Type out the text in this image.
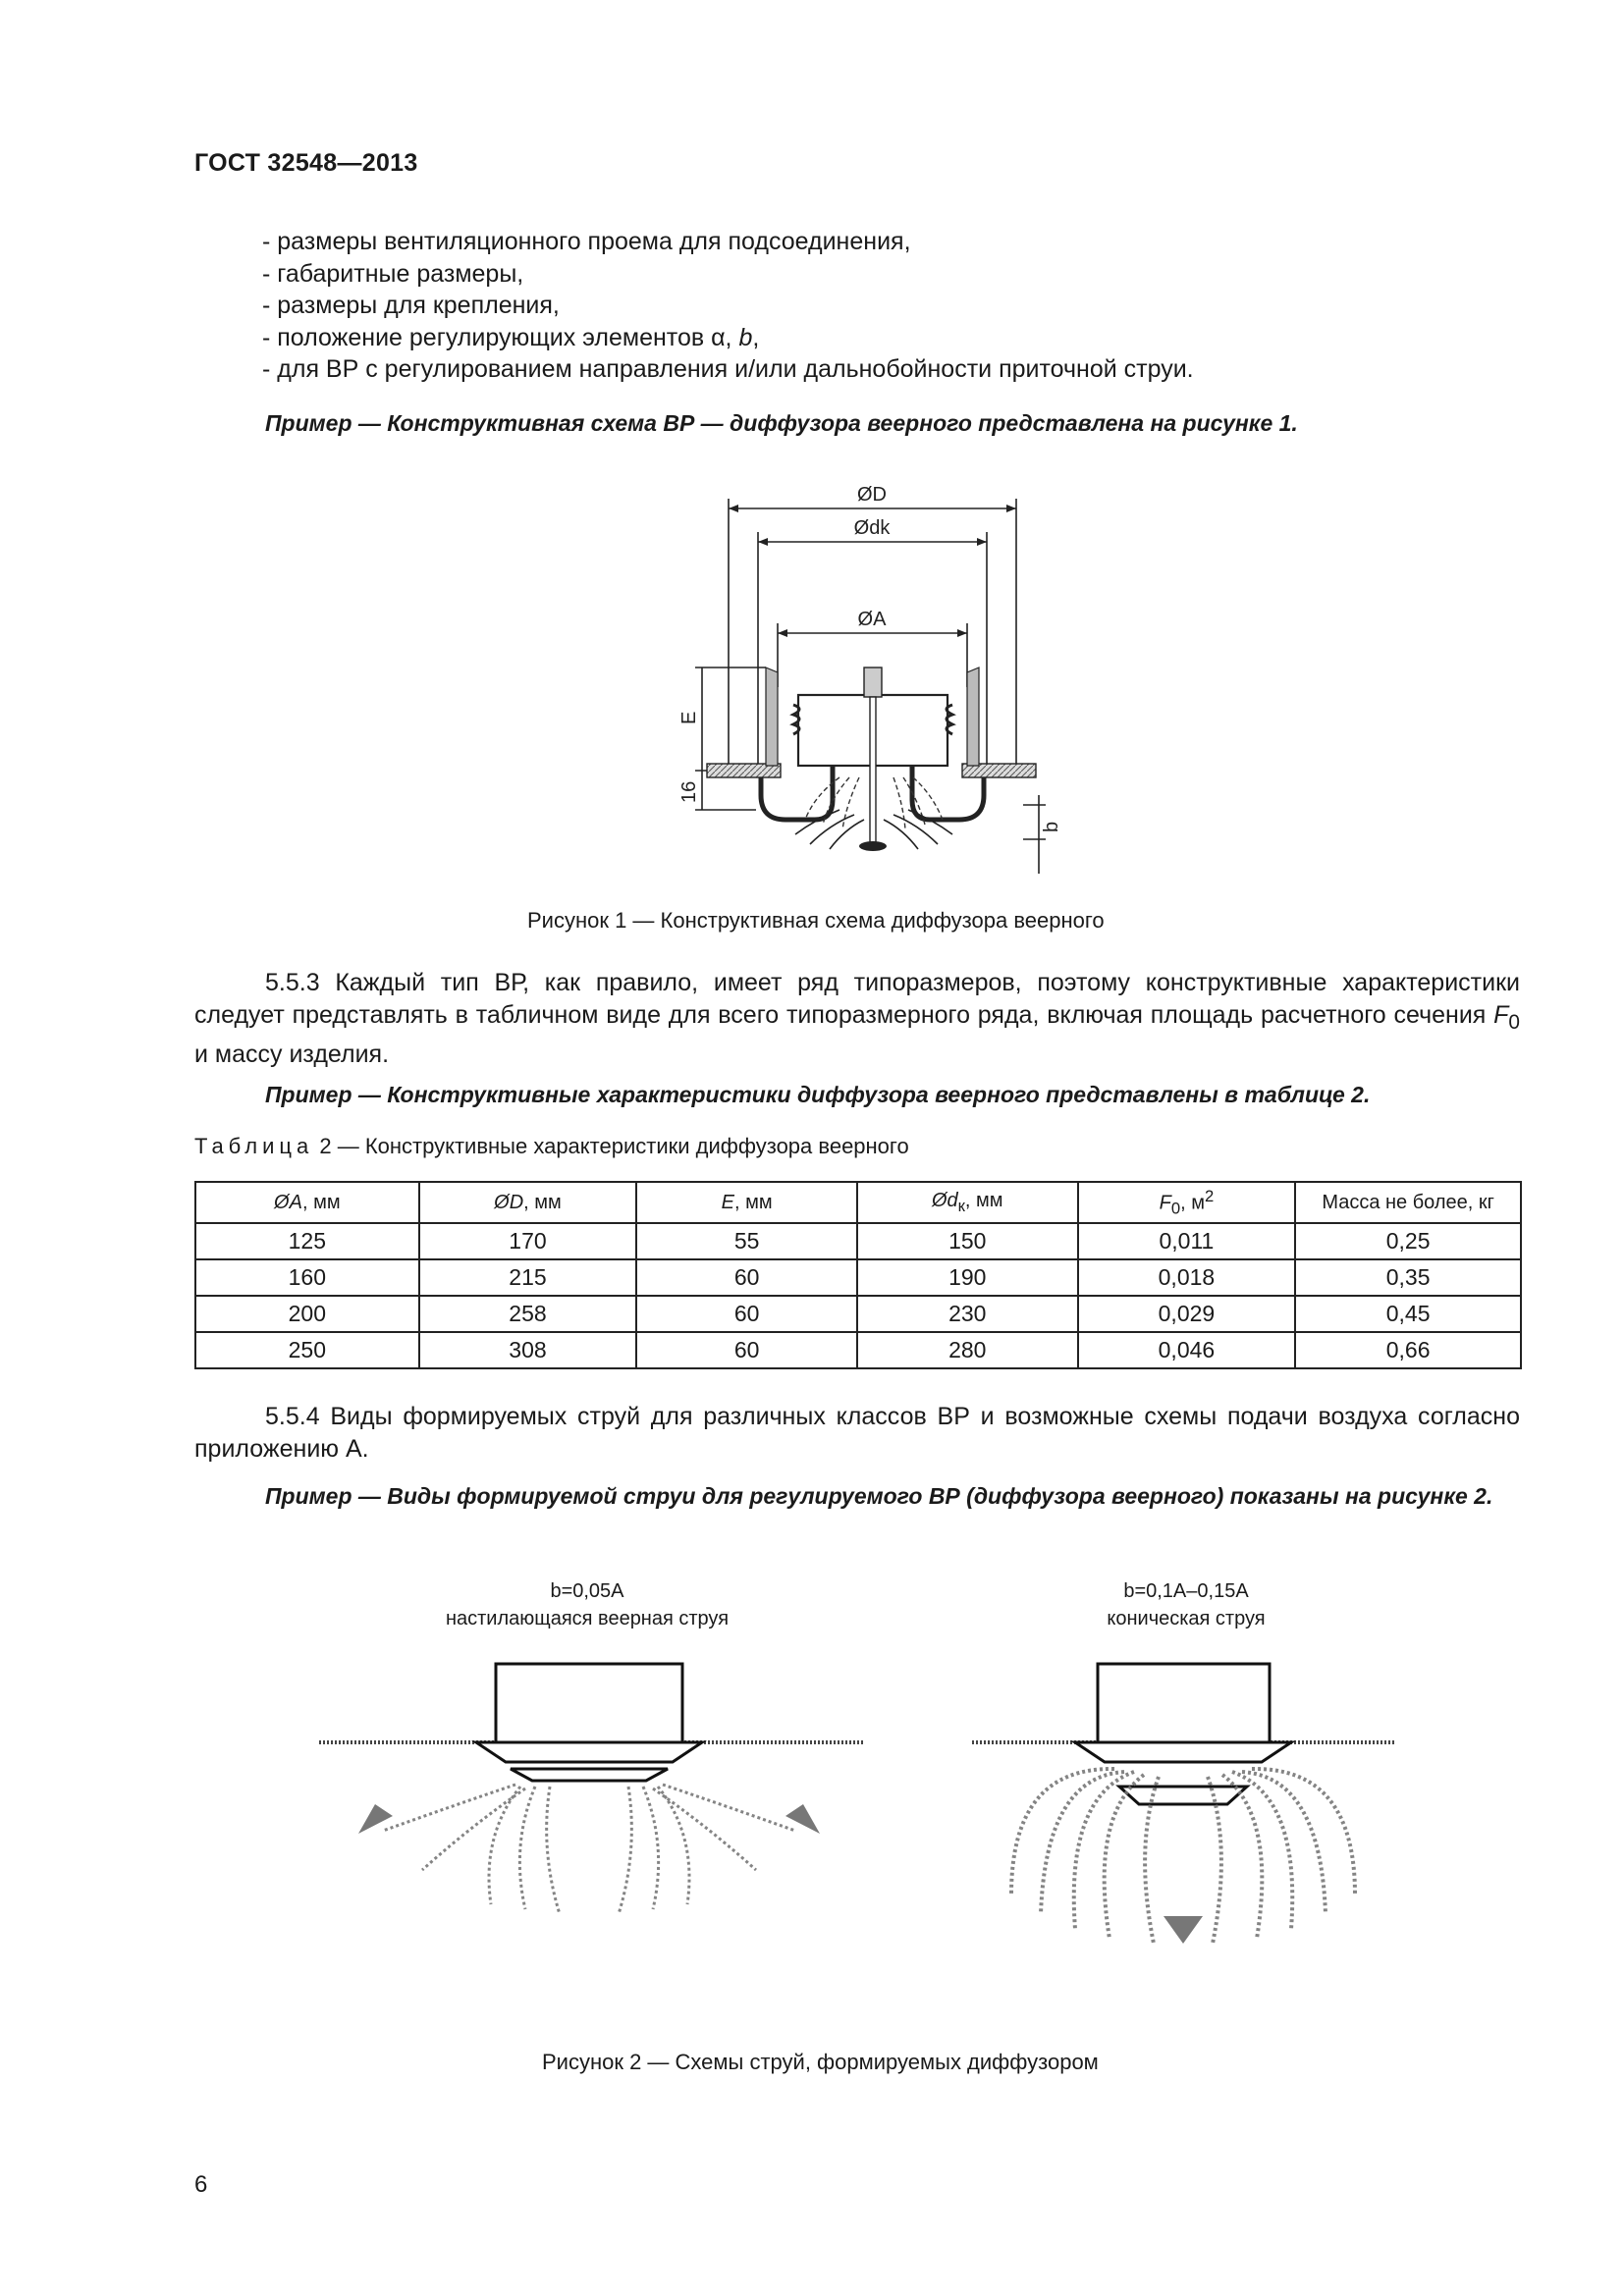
ГОСТ 32548—2013
- размеры вентиляционного проема для подсоединения,
- габаритные размеры,
- размеры для крепления,
- положение регулирующих элементов α, b,
- для ВР с регулированием направления и/или дальнобойности приточной струи.
Пример — Конструктивная схема ВР — диффузора веерного представлена на рисунке 1.
ØD
Ødk
ØA
E
16
b
Рисунок 1 — Конструктивная схема диффузора веерного
5.5.3 Каждый тип ВР, как правило, имеет ряд типоразмеров, поэтому конструктивные характеристики следует представлять в табличном виде для всего типоразмерного ряда, включая площадь расчетного сечения $F_0$ и массу изделия.
Пример — Конструктивные характеристики диффузора веерного представлены в таблице 2.
Таблица 2 — Конструктивные характеристики диффузора веерного
ØA, мм	ØD, мм	E, мм	$Ød_к$, мм	$F_0$, $м^2$	Масса не более, кг
125	170	55	150	0,011	0,25
160	215	60	190	0,018	0,35
200	258	60	230	0,029	0,45
250	308	60	280	0,046	0,66
5.5.4 Виды формируемых струй для различных классов ВР и возможные схемы подачи воздуха согласно приложению А.
Пример — Виды формируемой струи для регулируемого ВР (диффузора веерного) показаны на рисунке 2.
b=0,05A
настилающаяся веерная струя
b=0,1A–0,15A
коническая струя
Рисунок 2 — Схемы струй, формируемых диффузором
6
